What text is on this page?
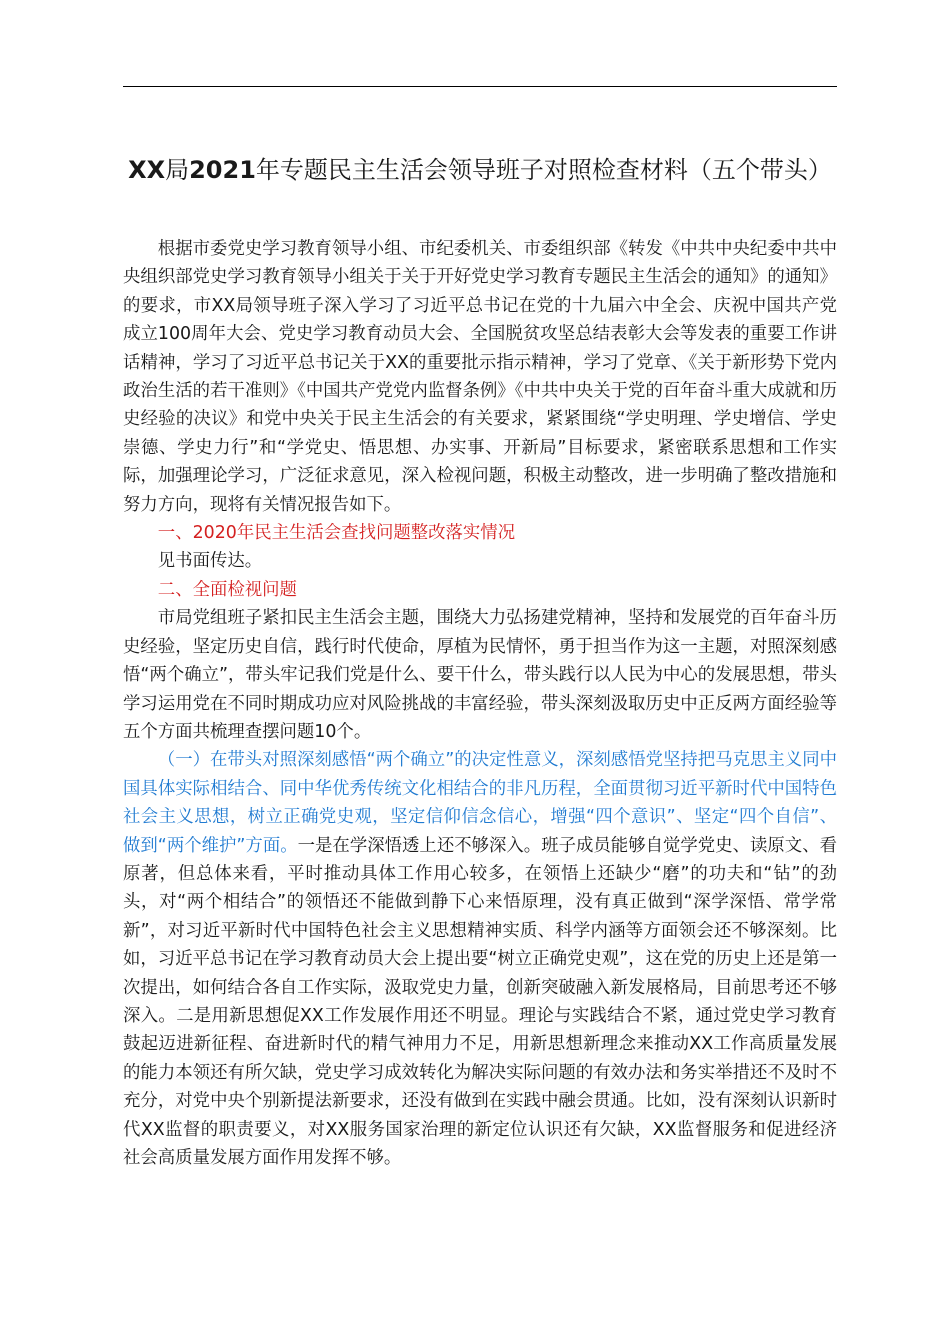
XX局2021年专题民主生活会领导班子对照检查材料（五个带头）

根据市委党史学习教育领导小组、市纪委机关、市委组织部《转发《中共中央纪委中共中央组织部党史学习教育领导小组关于关于开好党史学习教育专题民主生活会的通知》的通知》的要求，市XX局领导班子深入学习了习近平总书记在党的十九届六中全会、庆祝中国共产党成立100周年大会、党史学习教育动员大会、全国脱贫攻坚总结表彰大会等发表的重要工作讲话精神，学习了习近平总书记关于XX的重要批示指示精神，学习了党章、《关于新形势下党内政治生活的若干准则》《中国共产党党内监督条例》《中共中央关于党的百年奋斗重大成就和历史经验的决议》和党中央关于民主生活会的有关要求，紧紧围绕“学史明理、学史增信、学史崇德、学史力行”和“学党史、悟思想、办实事、开新局”目标要求，紧密联系思想和工作实际，加强理论学习，广泛征求意见，深入检视问题，积极主动整改，进一步明确了整改措施和努力方向，现将有关情况报告如下。

一、2020年民主生活会查找问题整改落实情况

见书面传达。

二、全面检视问题

市局党组班子紧扣民主生活会主题，围绕大力弘扬建党精神，坚持和发展党的百年奋斗历史经验，坚定历史自信，践行时代使命，厚植为民情怀，勇于担当作为这一主题，对照深刻感悟“两个确立”，带头牢记我们党是什么、要干什么，带头践行以人民为中心的发展思想，带头学习运用党在不同时期成功应对风险挑战的丰富经验，带头深刻汲取历史中正反两方面经验等五个方面共梳理查摆问题10个。

（一）在带头对照深刻感悟“两个确立”的决定性意义，深刻感悟党坚持把马克思主义同中国具体实际相结合、同中华优秀传统文化相结合的非凡历程，全面贯彻习近平新时代中国特色社会主义思想，树立正确党史观，坚定信仰信念信心，增强“四个意识”、坚定“四个自信”、做到“两个维护”方面。一是在学深悟透上还不够深入。班子成员能够自觉学党史、读原文、看原著，但总体来看，平时推动具体工作用心较多，在领悟上还缺少“磨”的功夫和“钻”的劲头，对“两个相结合”的领悟还不能做到静下心来悟原理，没有真正做到“深学深悟、常学常新”，对习近平新时代中国特色社会主义思想精神实质、科学内涵等方面领会还不够深刻。比如，习近平总书记在学习教育动员大会上提出要“树立正确党史观”，这在党的历史上还是第一次提出，如何结合各自工作实际，汲取党史力量，创新突破融入新发展格局，目前思考还不够深入。二是用新思想促XX工作发展作用还不明显。理论与实践结合不紧，通过党史学习教育鼓起迈进新征程、奋进新时代的精气神用力不足，用新思想新理念来推动XX工作高质量发展的能力本领还有所欠缺，党史学习成效转化为解决实际问题的有效办法和务实举措还不及时不充分，对党中央个别新提法新要求，还没有做到在实践中融会贯通。比如，没有深刻认识新时代XX监督的职责要义，对XX服务国家治理的新定位认识还有欠缺，XX监督服务和促进经济社会高质量发展方面作用发挥不够。
